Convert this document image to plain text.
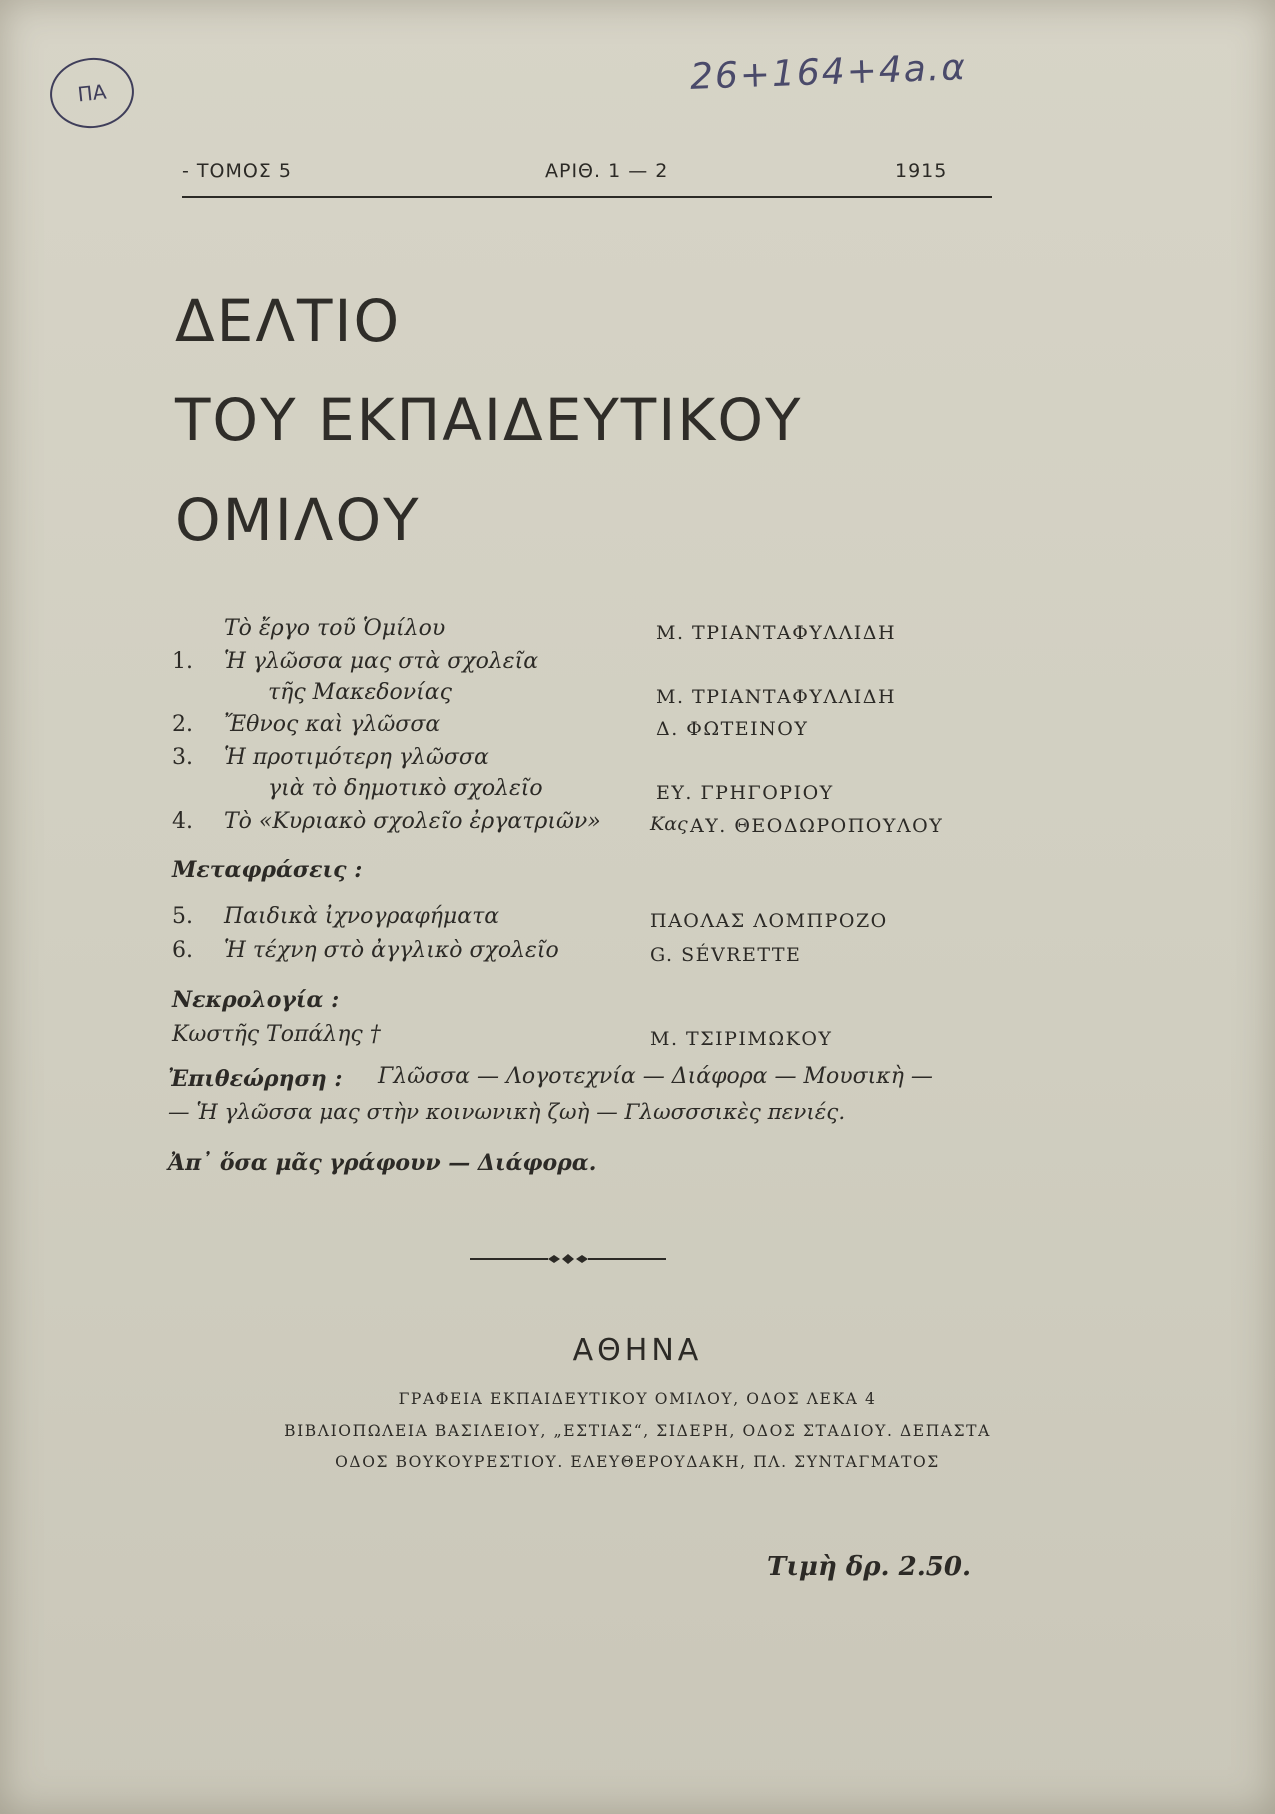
ΠΑ	26+164+4a.α
- ΤΟΜΟΣ 5	ΑΡΙΘ. 1 — 2	1915
ΔΕΛΤΙΟ
ΤΟΥ ΕΚΠΑΙΔΕΥΤΙΚΟΥ
ΟΜΙΛΟΥ
Τὸ ἔργο τοῦ Ὁμίλου	Μ. ΤΡΙΑΝΤΑΦΥΛΛΙΔΗ
1. Ἡ γλῶσσα μας στὰ σχολεῖα
τῆς Μακεδονίας	Μ. ΤΡΙΑΝΤΑΦΥΛΛΙΔΗ
2. Ἔθνος καὶ γλῶσσα	Δ. ΦΩΤΕΙΝΟΥ
3. Ἡ προτιμότερη γλῶσσα
γιὰ τὸ δημοτικὸ σχολεῖο	ΕΥ. ΓΡΗΓΟΡΙΟΥ
4. Τὸ «Κυριακὸ σχολεῖο ἐργατριῶν»	Κας ΑΥ. ΘΕΟΔΩΡΟΠΟΥΛΟΥ
Μεταφράσεις :
5. Παιδικὰ ἰχνογραφήματα	ΠΑΟΛΑΣ ΛΟΜΠΡΟΖΟ
6. Ἡ τέχνη στὸ ἀγγλικὸ σχολεῖο	G. SÉVRETTE
Νεκρολογία :
Κωστῆς Τοπάλης †	Μ. ΤΣΙΡΙΜΩΚΟΥ
Ἐπιθεώρηση : Γλῶσσα — Λογοτεχνία — Διάφορα — Μουσικὴ —
— Ἡ γλῶσσα μας στὴν κοινωνικὴ ζωὴ — Γλωσσσικὲς πενιές.
Ἀπ᾽ ὅσα μᾶς γράφουν — Διάφορα.
ΑΘΗΝΑ
ΓΡΑΦΕΙΑ ΕΚΠΑΙΔΕΥΤΙΚΟΥ ΟΜΙΛΟΥ, ΟΔΟΣ ΛΕΚΑ 4
ΒΙΒΛΙΟΠΩΛΕΙΑ ΒΑΣΙΛΕΙΟΥ, „ΕΣΤΙΑΣ“, ΣΙΔΕΡΗ, ΟΔΟΣ ΣΤΑΔΙΟΥ. ΔΕΠΑΣΤΑ
ΟΔΟΣ ΒΟΥΚΟΥΡΕΣΤΙΟΥ. ΕΛΕΥΘΕΡΟΥΔΑΚΗ, ΠΛ. ΣΥΝΤΑΓΜΑΤΟΣ
Τιμὴ δρ. 2.50.
